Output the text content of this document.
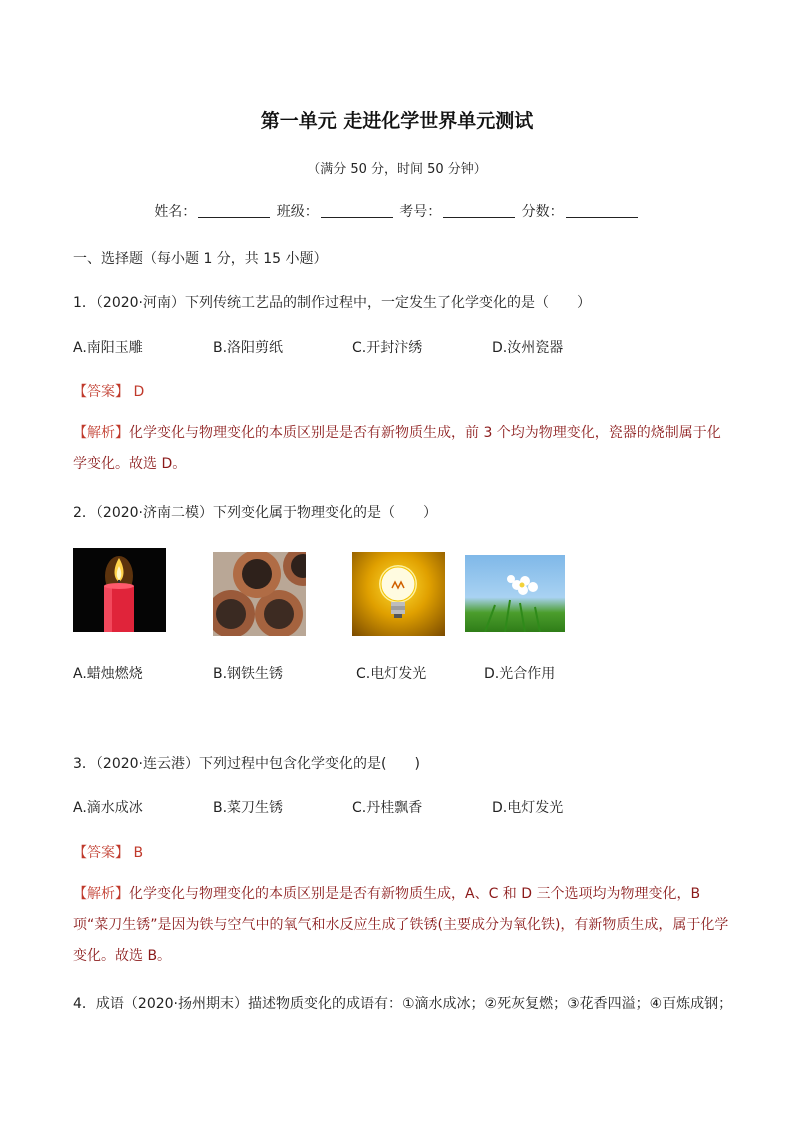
第一单元 走进化学世界单元测试
（满分 50 分，时间 50 分钟）
姓名：	班级：	考号：	分数：
一、选择题（每小题 1 分，共 15 小题）
1．（2020·河南）下列传统工艺品的制作过程中，一定发生了化学变化的是（　　）
A.南阳玉雕	B.洛阳剪纸	C.开封汴绣	D.汝州瓷器
【答案】 D
【解析】化学变化与物理变化的本质区别是是否有新物质生成，前 3 个均为物理变化，瓷器的烧制属于化学变化。故选 D。
2．（2020·济南二模）下列变化属于物理变化的是（　　）
A.蜡烛燃烧	B.钢铁生锈	C.电灯发光	D.光合作用
3．（2020·连云港）下列过程中包含化学变化的是(　　)
A.滴水成冰	B.菜刀生锈	C.丹桂飘香	D.电灯发光
【答案】 B
【解析】化学变化与物理变化的本质区别是是否有新物质生成，A、C 和 D 三个选项均为物理变化，B 项“菜刀生锈”是因为铁与空气中的氧气和水反应生成了铁锈(主要成分为氧化铁)，有新物质生成，属于化学变化。故选 B。
4．成语（2020·扬州期末）描述物质变化的成语有：①滴水成冰；②死灰复燃；③花香四溢；④百炼成钢；
